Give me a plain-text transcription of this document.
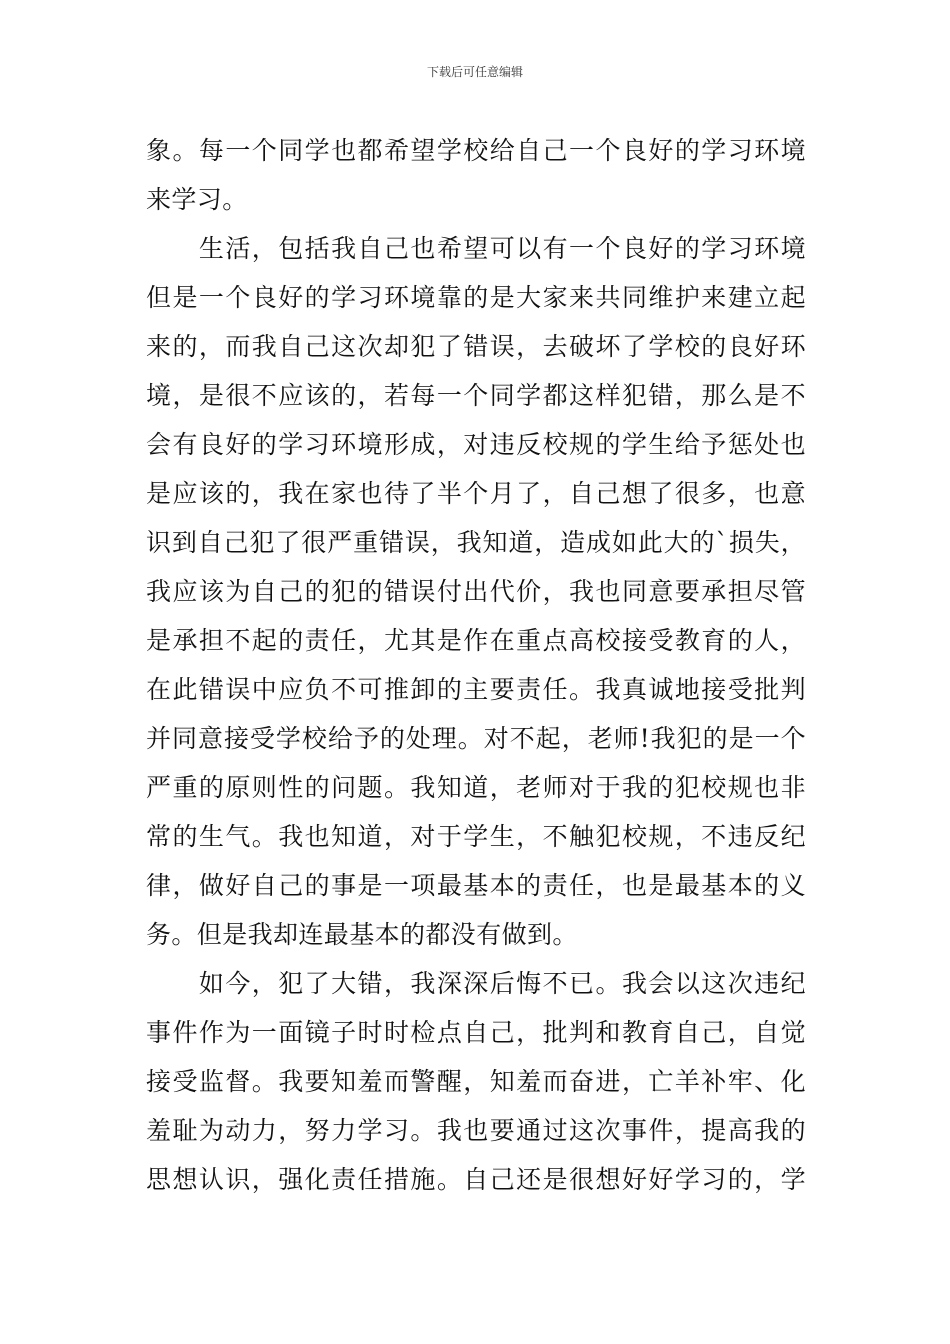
下载后可任意编辑
象。每一个同学也都希望学校给自己一个良好的学习环境
来学习。
　　生活，包括我自己也希望可以有一个良好的学习环境
但是一个良好的学习环境靠的是大家来共同维护来建立起
来的，而我自己这次却犯了错误，去破坏了学校的良好环
境，是很不应该的，若每一个同学都这样犯错，那么是不
会有良好的学习环境形成，对违反校规的学生给予惩处也
是应该的，我在家也待了半个月了，自己想了很多，也意
识到自己犯了很严重错误，我知道，造成如此大的`损失，
我应该为自己的犯的错误付出代价，我也同意要承担尽管
是承担不起的责任，尤其是作在重点高校接受教育的人，
在此错误中应负不可推卸的主要责任。我真诚地接受批判
并同意接受学校给予的处理。对不起，老师!我犯的是一个
严重的原则性的问题。我知道，老师对于我的犯校规也非
常的生气。我也知道，对于学生，不触犯校规，不违反纪
律，做好自己的事是一项最基本的责任，也是最基本的义
务。但是我却连最基本的都没有做到。
　　如今，犯了大错，我深深后悔不已。我会以这次违纪
事件作为一面镜子时时检点自己，批判和教育自己，自觉
接受监督。我要知羞而警醒，知羞而奋进，亡羊补牢、化
羞耻为动力，努力学习。我也要通过这次事件，提高我的
思想认识，强化责任措施。自己还是很想好好学习的，学
